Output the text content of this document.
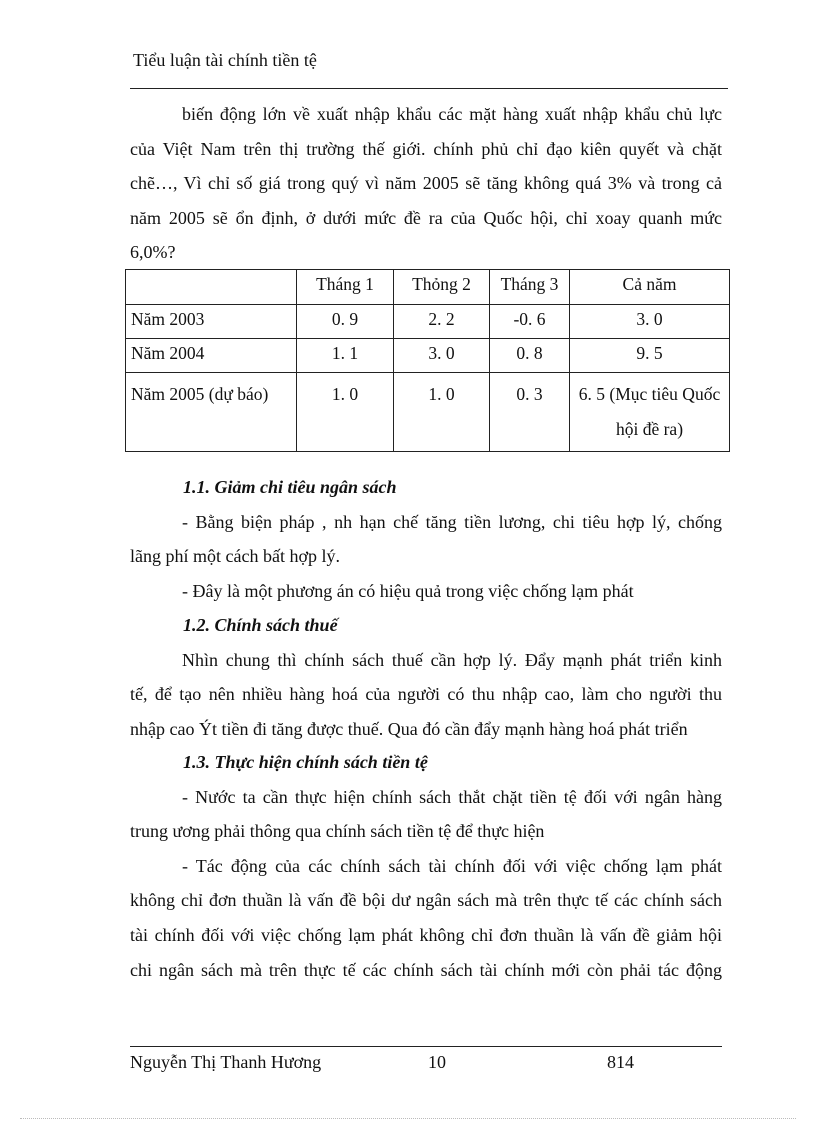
Tiểu luận tài chính tiền tệ

biến động lớn về xuất nhập khẩu các mặt hàng xuất nhập khẩu chủ lực

của Việt Nam trên thị trường thế giới. chính phủ chỉ đạo kiên quyết và chặt

chẽ…, Vì chỉ số giá trong quý vì năm 2005 sẽ tăng không quá 3% và trong cả

năm 2005 sẽ ổn định, ở dưới mức đề ra của Quốc hội, chỉ xoay quanh mức

6,0%?

	Tháng 1	Thỏng 2	Tháng 3	Cả năm
Năm 2003	0. 9	2. 2	-0. 6	3. 0
Năm 2004	1. 1	3. 0	0. 8	9. 5
Năm 2005 (dự báo)	1. 0	1. 0	0. 3	6. 5 (Mục tiêu Quốc hội đề ra)

1.1. Giảm chi tiêu ngân sách

- Bằng biện pháp , nh hạn chế tăng tiền lương, chi tiêu hợp lý, chống

lãng phí một cách bất hợp lý.

- Đây là một phương án có hiệu quả trong việc chống lạm phát

1.2. Chính sách thuế

Nhìn chung thì chính sách thuế cần hợp lý. Đẩy mạnh phát triển kinh

tế, để tạo nên nhiều hàng hoá của người có thu nhập cao, làm cho người thu

nhập cao Ýt tiền đi tăng được thuế. Qua đó cần đẩy mạnh hàng hoá phát triển

1.3. Thực hiện chính sách tiền tệ

- Nước ta cần thực hiện chính sách thắt chặt tiền tệ đối với ngân hàng

trung ương phải thông qua chính sách tiền tệ để thực hiện

- Tác động của các chính sách tài chính đối với việc chống lạm phát

không chỉ đơn thuần là vấn đề bội dư ngân sách mà trên thực tế các chính sách

tài chính đối với việc chống lạm phát không chỉ đơn thuần là vấn đề giảm hội

chi ngân sách mà trên thực tế các chính sách tài chính mới còn phải tác động

Nguyễn Thị Thanh Hương	10	814
